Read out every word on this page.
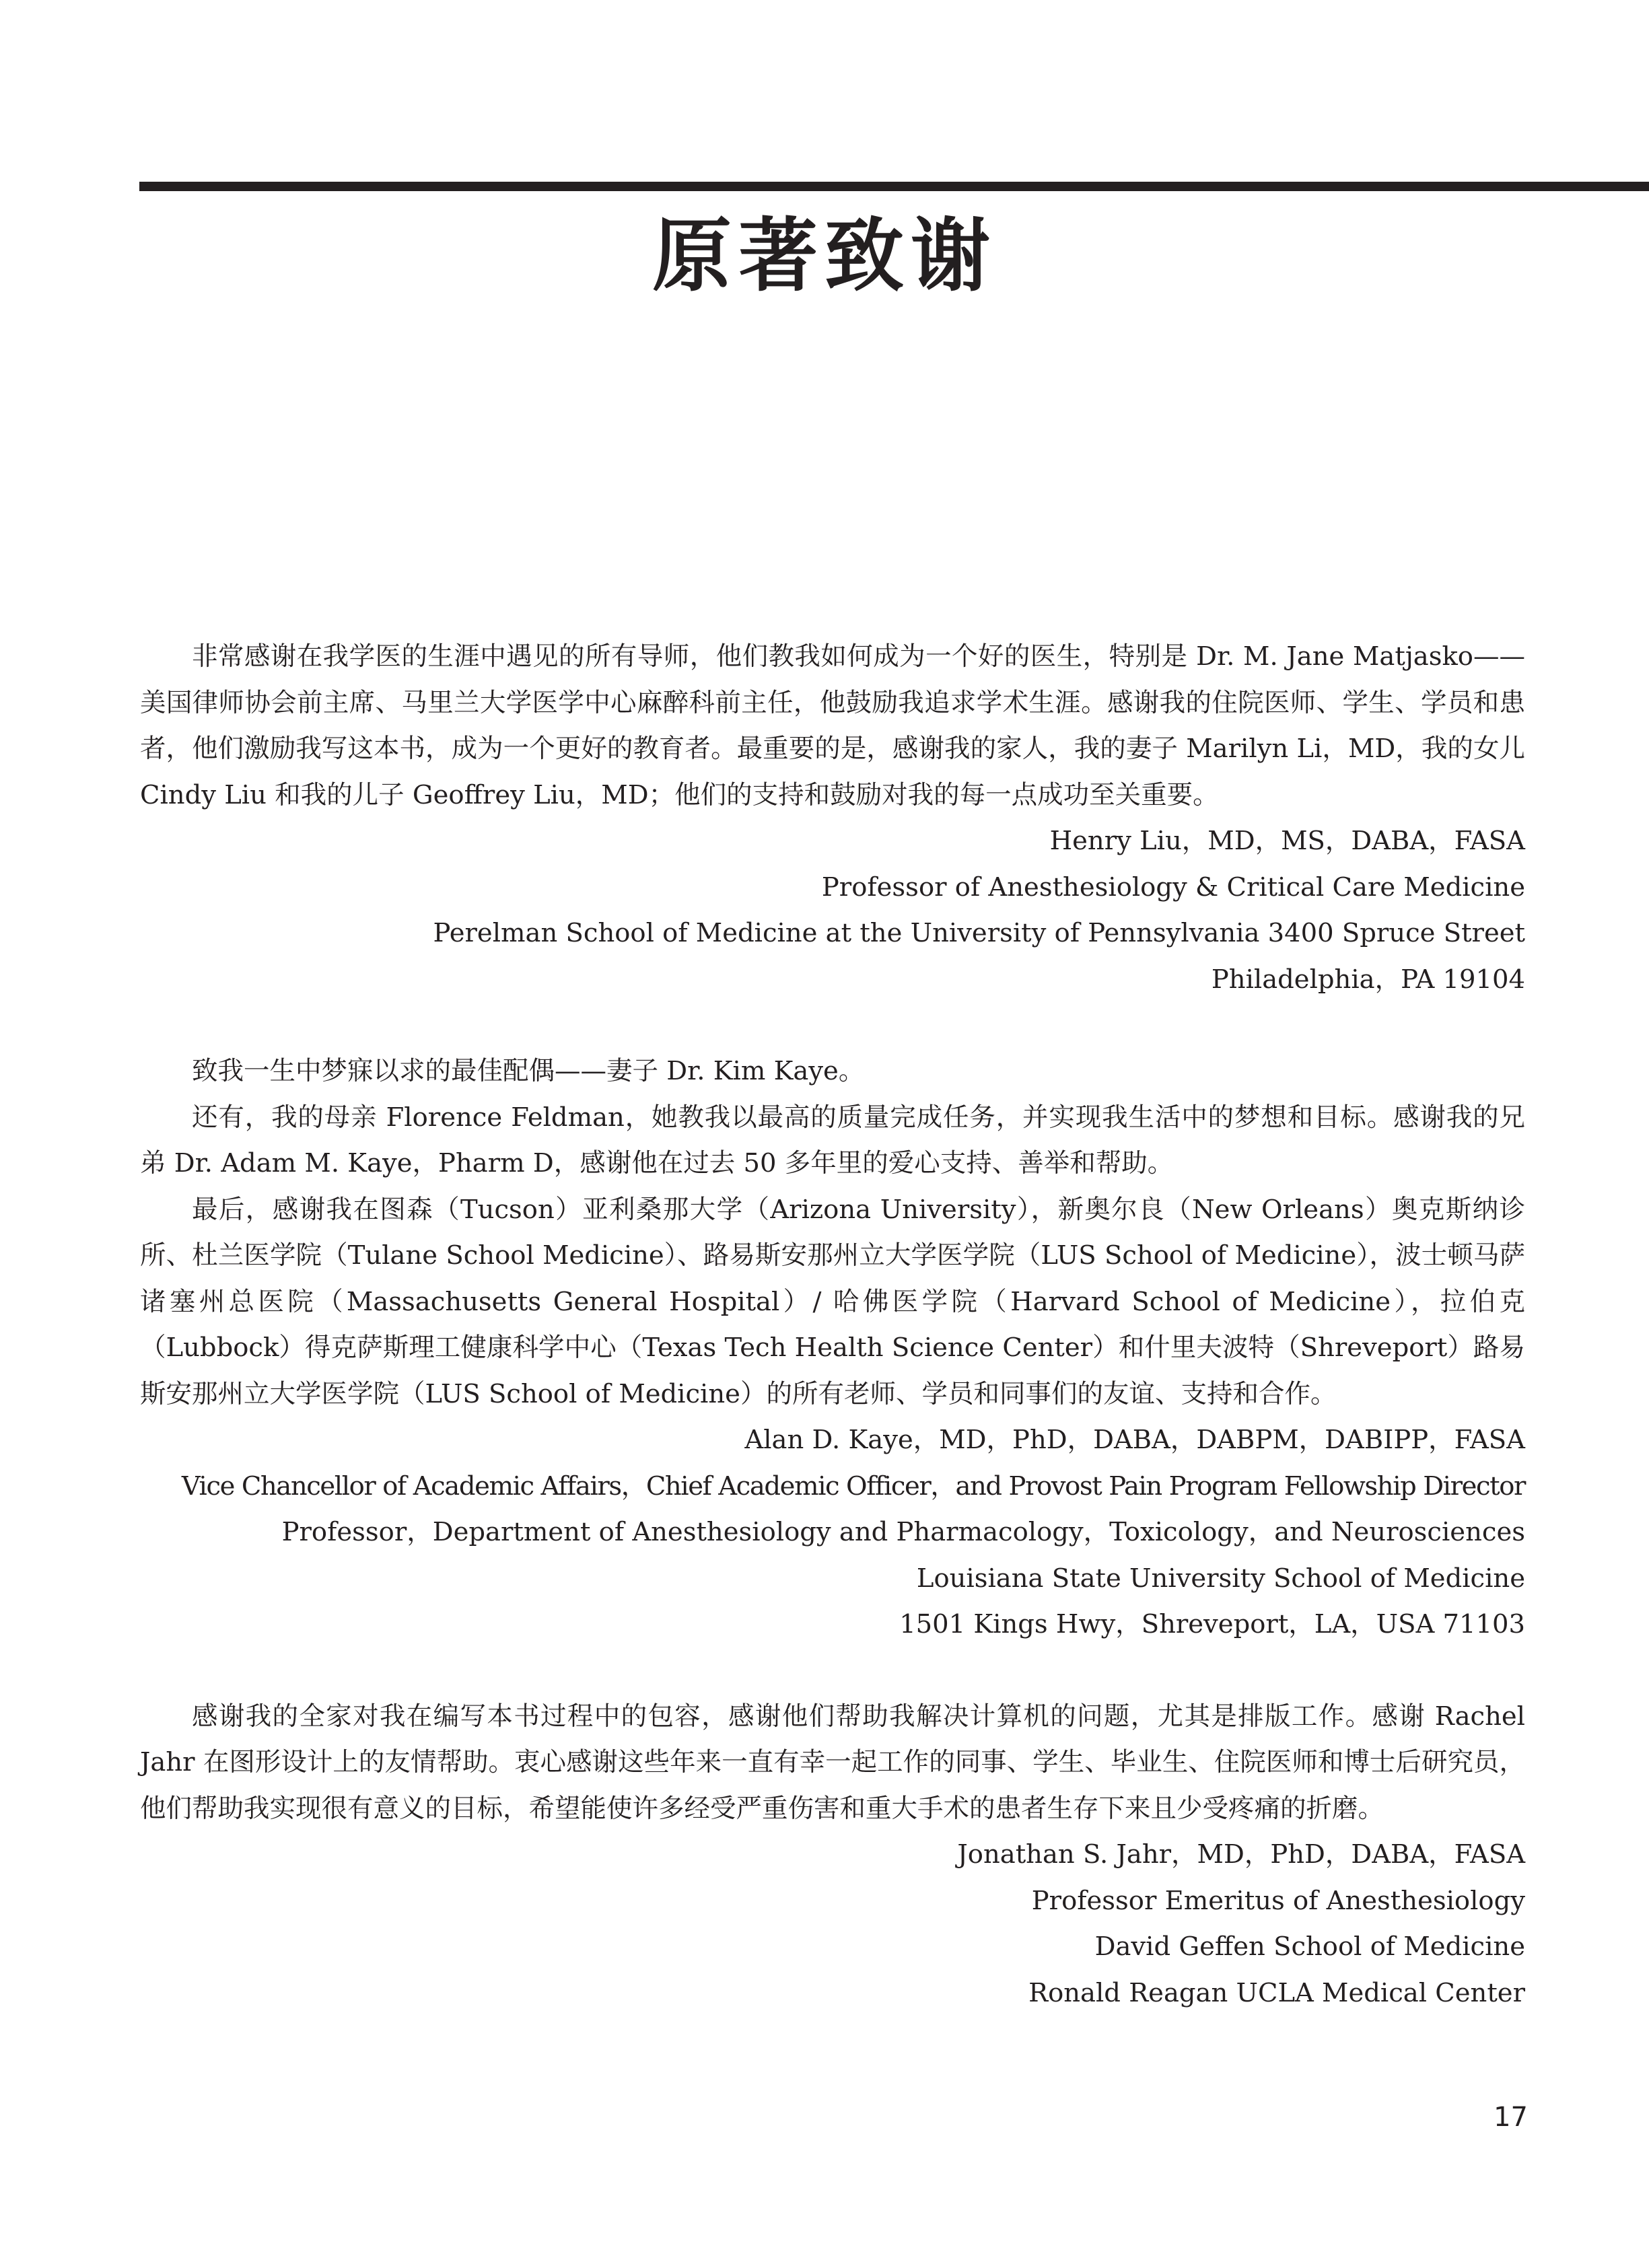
原著致谢

非常感谢在我学医的生涯中遇见的所有导师，他们教我如何成为一个好的医生，特别是 Dr. M. Jane Matjasko——美国律师协会前主席、马里兰大学医学中心麻醉科前主任，他鼓励我追求学术生涯。感谢我的住院医师、学生、学员和患者，他们激励我写这本书，成为一个更好的教育者。最重要的是，感谢我的家人，我的妻子 Marilyn Li，MD，我的女儿 Cindy Liu 和我的儿子 Geoffrey Liu，MD；他们的支持和鼓励对我的每一点成功至关重要。

Henry Liu，MD，MS，DABA，FASA

Professor of Anesthesiology & Critical Care Medicine

Perelman School of Medicine at the University of Pennsylvania 3400 Spruce Street

Philadelphia，PA 19104

致我一生中梦寐以求的最佳配偶——妻子 Dr. Kim Kaye。

还有，我的母亲 Florence Feldman，她教我以最高的质量完成任务，并实现我生活中的梦想和目标。感谢我的兄弟 Dr. Adam M. Kaye，Pharm D，感谢他在过去 50 多年里的爱心支持、善举和帮助。

最后，感谢我在图森（Tucson）亚利桑那大学（Arizona University），新奥尔良（New Orleans）奥克斯纳诊所、杜兰医学院（Tulane School Medicine）、路易斯安那州立大学医学院（LUS School of Medicine），波士顿马萨诸塞州总医院（Massachusetts General Hospital）/ 哈佛医学院（Harvard School of Medicine），拉伯克（Lubbock）得克萨斯理工健康科学中心（Texas Tech Health Science Center）和什里夫波特（Shreveport）路易斯安那州立大学医学院（LUS School of Medicine）的所有老师、学员和同事们的友谊、支持和合作。

Alan D. Kaye，MD，PhD，DABA，DABPM，DABIPP，FASA

Vice Chancellor of Academic Affairs，Chief Academic Officer，and Provost Pain Program Fellowship Director

Professor，Department of Anesthesiology and Pharmacology，Toxicology，and Neurosciences

Louisiana State University School of Medicine

1501 Kings Hwy，Shreveport，LA，USA 71103

感谢我的全家对我在编写本书过程中的包容，感谢他们帮助我解决计算机的问题，尤其是排版工作。感谢 Rachel Jahr 在图形设计上的友情帮助。衷心感谢这些年来一直有幸一起工作的同事、学生、毕业生、住院医师和博士后研究员，他们帮助我实现很有意义的目标，希望能使许多经受严重伤害和重大手术的患者生存下来且少受疼痛的折磨。

Jonathan S. Jahr，MD，PhD，DABA，FASA

Professor Emeritus of Anesthesiology

David Geffen School of Medicine

Ronald Reagan UCLA Medical Center

17
